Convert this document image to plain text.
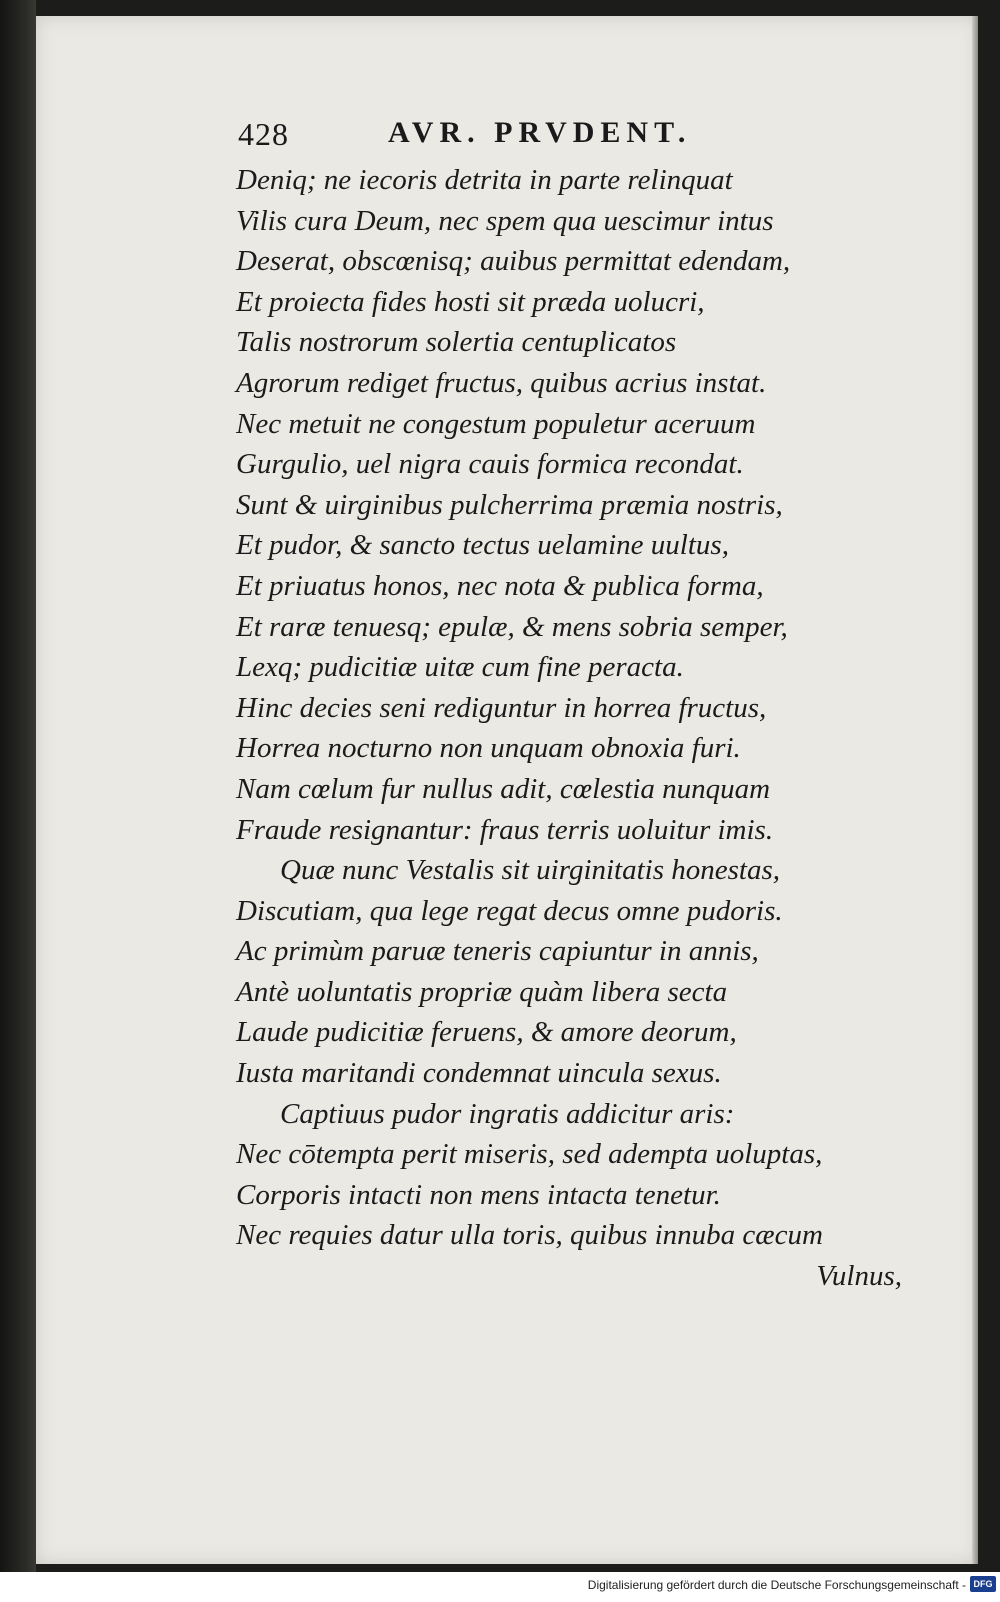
428	AVR. PRVDENT.
Deniq; ne iecoris detrita in parte relinquat
Vilis cura Deum, nec spem qua uescimur intus
Deserat, obscœnisq; auibus permittat edendam,
Et proiecta fides hosti sit præda uolucri,
Talis nostrorum solertia centuplicatos
Agrorum rediget fructus, quibus acrius instat.
Nec metuit ne congestum populetur aceruum
Gurgulio, uel nigra cauis formica recondat.
Sunt & uirginibus pulcherrima præmia nostris,
Et pudor, & sancto tectus uelamine uultus,
Et priuatus honos, nec nota & publica forma,
Et raræ tenuesq; epulæ, & mens sobria semper,
Lexq; pudicitiæ uitæ cum fine peracta.
Hinc decies seni rediguntur in horrea fructus,
Horrea nocturno non unquam obnoxia furi.
Nam cœlum fur nullus adit, cœlestia nunquam
Fraude resignantur: fraus terris uoluitur imis.
Quæ nunc Vestalis sit uirginitatis honestas,
Discutiam, qua lege regat decus omne pudoris.
Ac primùm paruæ teneris capiuntur in annis,
Antè uoluntatis propriæ quàm libera secta
Laude pudicitiæ feruens, & amore deorum,
Iusta maritandi condemnat uincula sexus.
Captiuus pudor ingratis addicitur aris:
Nec cōtempta perit miseris, sed adempta uoluptas,
Corporis intacti non mens intacta tenetur.
Nec requies datur ulla toris, quibus innuba cæcum
Vulnus,
Digitalisierung gefördert durch die Deutsche Forschungsgemeinschaft - DFG
